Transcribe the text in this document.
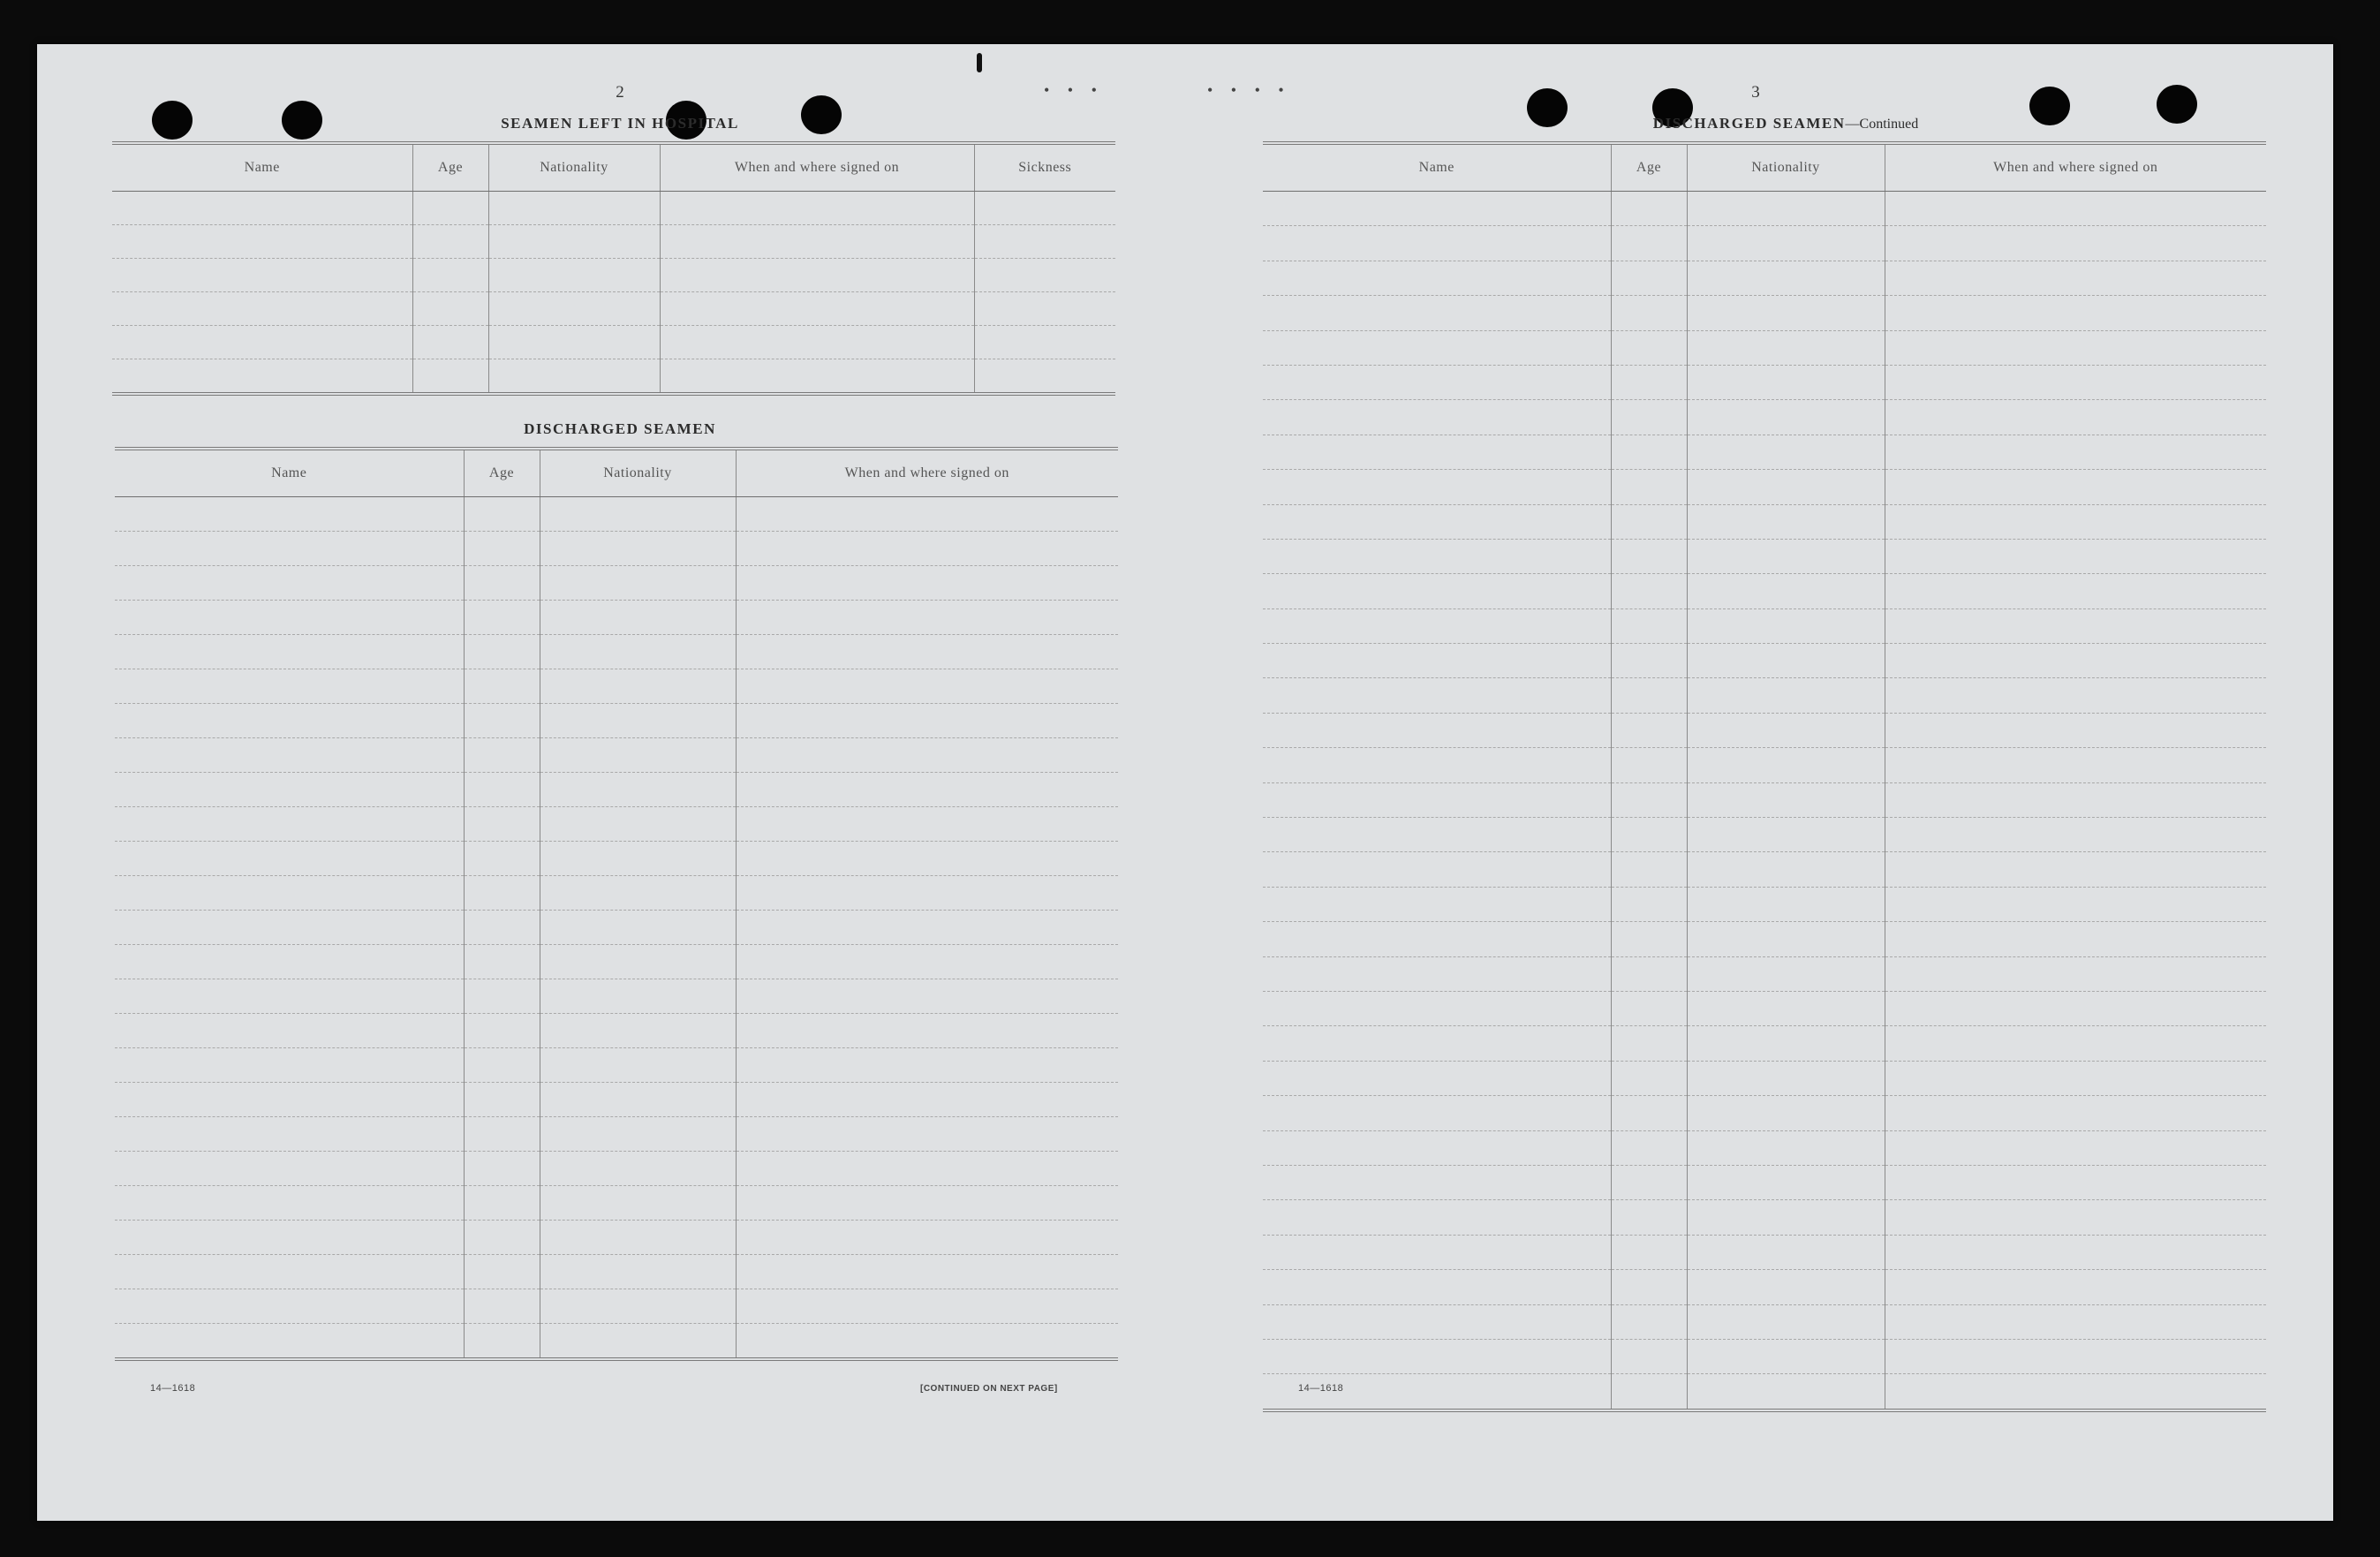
• • •	• • • •
2
SEAMEN LEFT IN HOSPITAL
Name	Age	Nationality	When and where signed on	Sickness

DISCHARGED SEAMEN
Name	Age	Nationality	When and where signed on

14—1618	[CONTINUED ON NEXT PAGE]
3
DISCHARGED SEAMEN—Continued
Name	Age	Nationality	When and where signed on

14—1618
